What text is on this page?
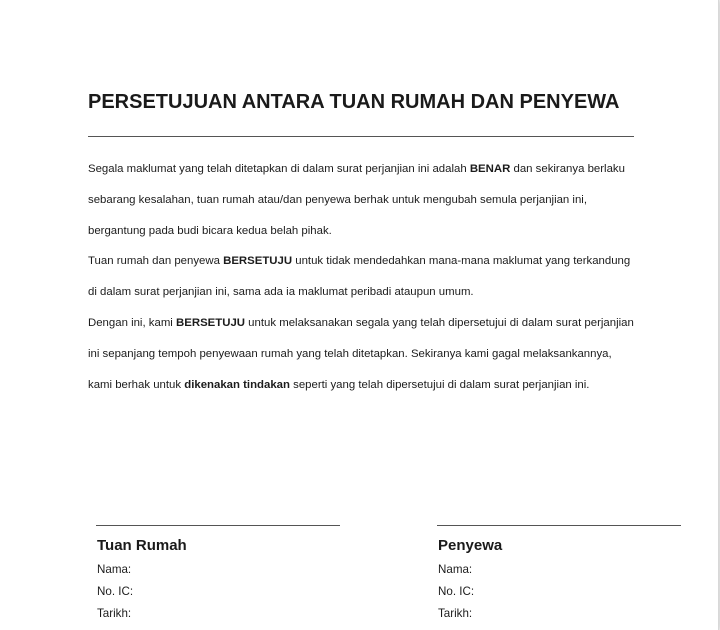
PERSETUJUAN ANTARA TUAN RUMAH DAN PENYEWA

Segala maklumat yang telah ditetapkan di dalam surat perjanjian ini adalah BENAR dan sekiranya berlaku sebarang kesalahan, tuan rumah atau/dan penyewa berhak untuk mengubah semula perjanjian ini, bergantung pada budi bicara kedua belah pihak.

Tuan rumah dan penyewa BERSETUJU untuk tidak mendedahkan mana-mana maklumat yang terkandung di dalam surat perjanjian ini, sama ada ia maklumat peribadi ataupun umum.

Dengan ini, kami BERSETUJU untuk melaksanakan segala yang telah dipersetujui di dalam surat perjanjian ini sepanjang tempoh penyewaan rumah yang telah ditetapkan. Sekiranya kami gagal melaksankannya, kami berhak untuk dikenakan tindakan seperti yang telah dipersetujui di dalam surat perjanjian ini.

Tuan Rumah

Nama:

No. IC:

Tarikh:

Penyewa

Nama:

No. IC:

Tarikh:
